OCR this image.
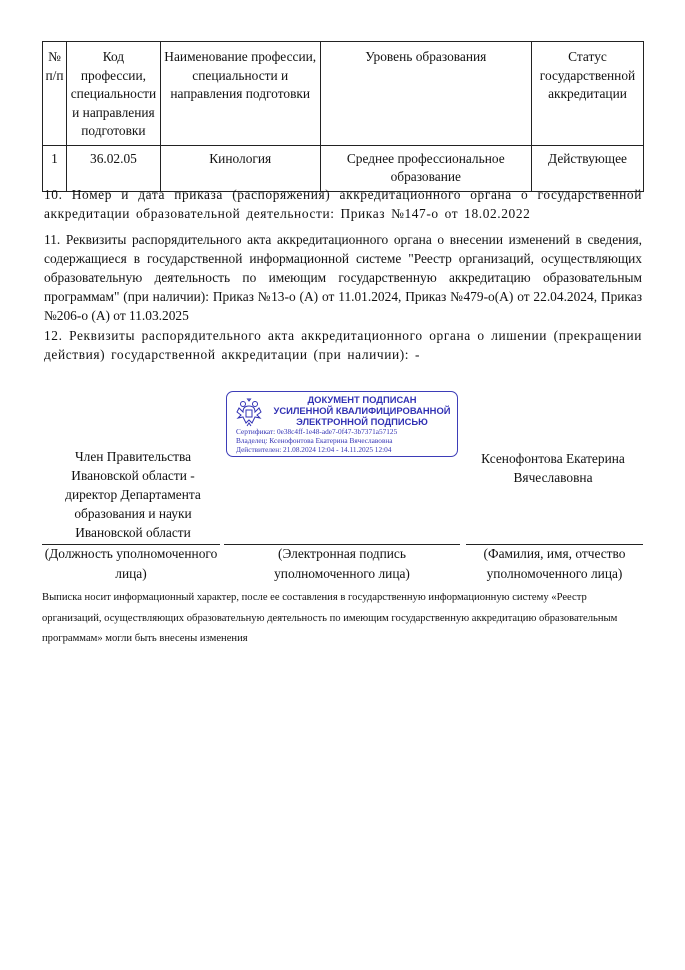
№ п/п	Код профессии, специальности и направления подготовки	Наименование профессии, специальности и направления подготовки	Уровень образования	Статус государственной аккредитации
1	36.02.05	Кинология	Среднее профессиональное образование	Действующее
10. Номер и дата приказа (распоряжения) аккредитационного органа о государственной аккредитации образовательной деятельности: Приказ №147-о от 18.02.2022
11. Реквизиты распорядительного акта аккредитационного органа о внесении изменений в сведения, содержащиеся в государственной информационной системе "Реестр организаций, осуществляющих образовательную деятельность по имеющим государственную аккредитацию образовательным программам" (при наличии): Приказ №13-о (А) от 11.01.2024, Приказ №479-о(А) от 22.04.2024, Приказ №206-о (А) от 11.03.2025
12. Реквизиты распорядительного акта аккредитационного органа о лишении (прекращении действия) государственной аккредитации (при наличии): -
ДОКУМЕНТ ПОДПИСАН
УСИЛЕННОЙ КВАЛИФИЦИРОВАННОЙ
ЭЛЕКТРОННОЙ ПОДПИСЬЮ
Сертификат: 0e38c4ff-1e48-ade7-0f47-3b7371a57125
Владелец: Ксенофонтова Екатерина Вячеславовна
Действителен: 21.08.2024 12:04 - 14.11.2025 12:04
Член Правительства Ивановской области - директор Департамента образования и науки Ивановской области
Ксенофонтова Екатерина Вячеславовна
(Должность уполномоченного лица)
(Электронная подпись уполномоченного лица)
(Фамилия, имя, отчество уполномоченного лица)
Выписка носит информационный характер, после ее составления в государственную информационную систему «Реестр организаций, осуществляющих образовательную деятельность по имеющим государственную аккредитацию образовательным программам» могли быть внесены изменения
